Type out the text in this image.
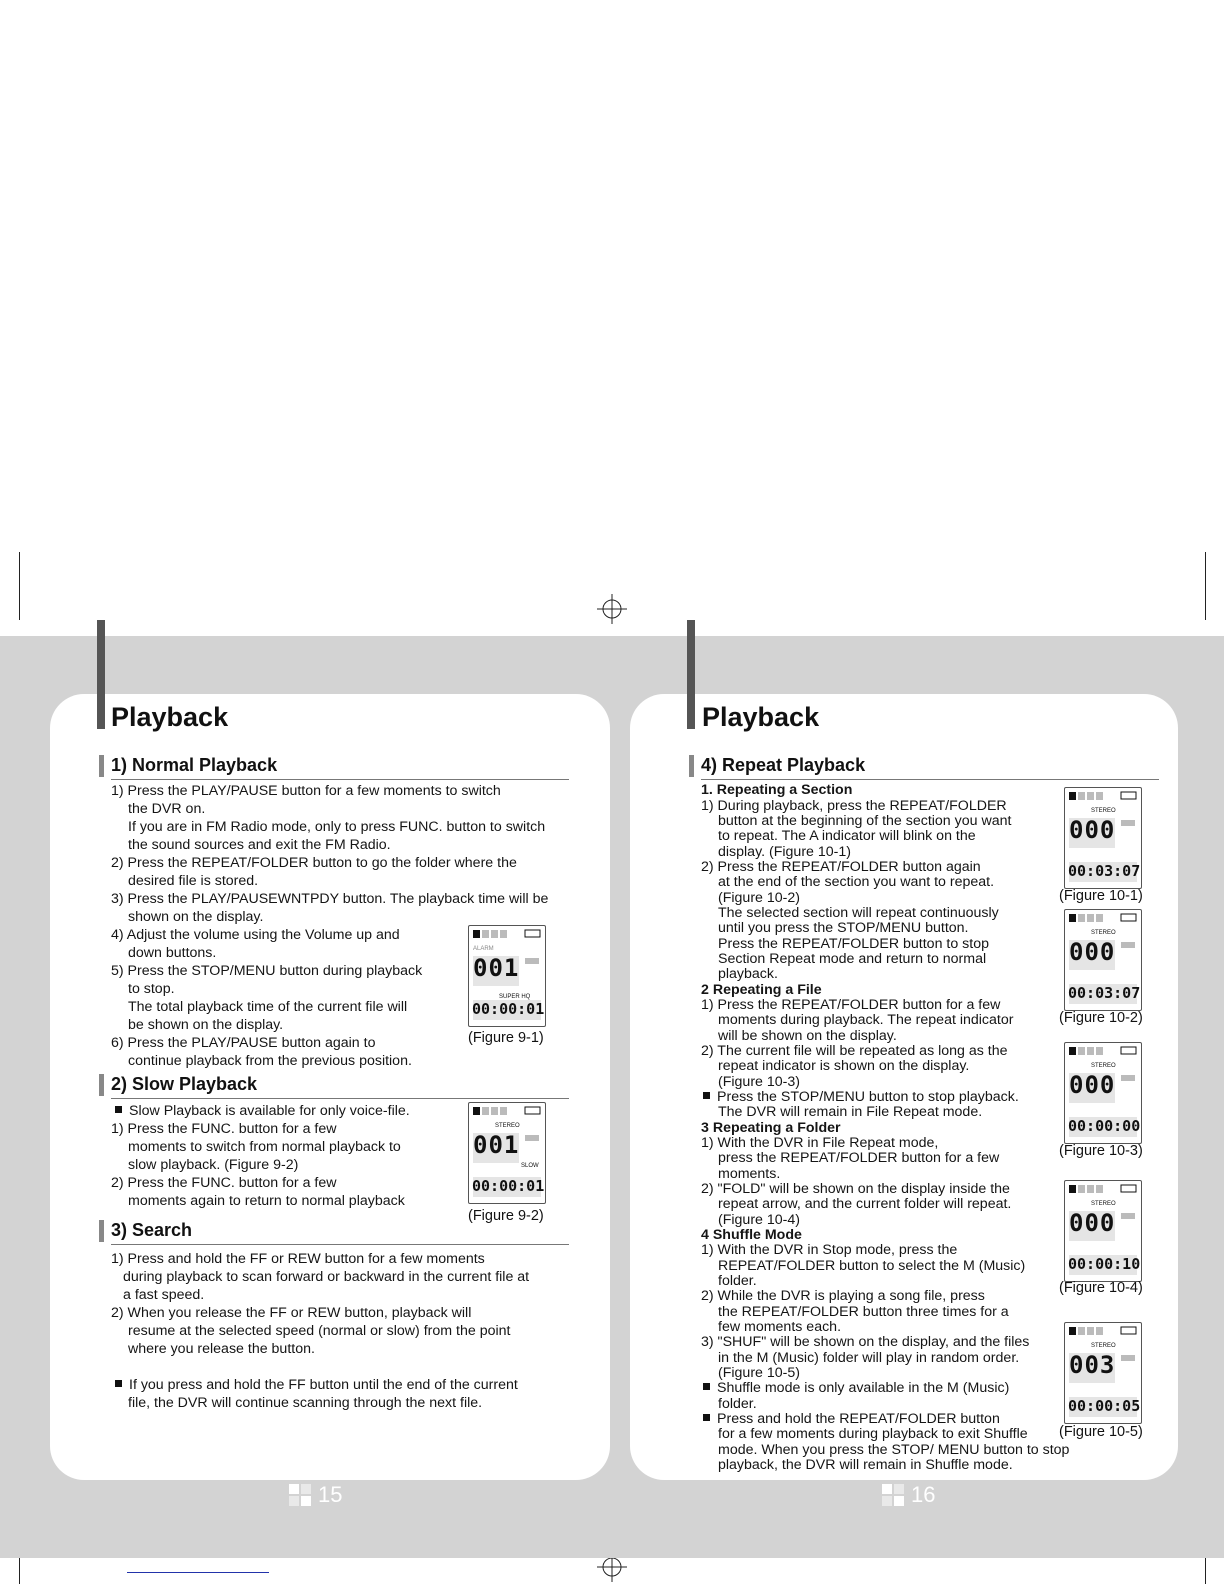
Playback
1) Normal Playback
1) Press the PLAY/PAUSE button for a few moments to switch
the DVR on.
If you are in FM Radio mode, only to press FUNC. button to switch
the sound sources and exit the FM Radio.
2) Press the REPEAT/FOLDER button to go the folder where the
desired file is stored.
3) Press the PLAY/PAUSEWNTPDY button. The playback time will be
shown on the display.
4) Adjust the volume using the Volume up and
down buttons.
5) Press the STOP/MENU button during playback
to stop.
The total playback time of the current file will
be shown on the display.
6) Press the PLAY/PAUSE button again to
continue playback from the previous position.
ALARM
SUPER HQ
001
00:00:01
(Figure 9-1)
2) Slow Playback
Slow Playback is available for only voice-file.
1) Press the FUNC. button for a few
moments to switch from normal playback to
slow playback. (Figure 9-2)
2) Press the FUNC. button for a few
moments again to return to normal playback
STEREO
SLOW
001
00:00:01
(Figure 9-2)
3) Search
1) Press and hold the FF or REW button for a few moments
during playback to scan forward or backward in the current file at
a fast speed.
2) When you release the FF or REW button, playback will
resume at the selected speed (normal or slow) from the point
where you release the button.
If you press and hold the FF button until the end of the current
file, the DVR will continue scanning through the next file.
15
Playback
4) Repeat Playback
1. Repeating a Section
1) During playback, press the REPEAT/FOLDER
button at the beginning of the section you want
to repeat. The A indicator will blink on the
display. (Figure 10-1)
2) Press the REPEAT/FOLDER button again
at the end of the section you want to repeat.
(Figure 10-2)
The selected section will repeat continuously
until you press the STOP/MENU button.
Press the REPEAT/FOLDER button to stop
Section Repeat mode and return to normal
playback.
2 Repeating a File
1) Press the REPEAT/FOLDER button for a few
moments during playback. The repeat indicator
will be shown on the display.
2) The current file will be repeated as long as the
repeat indicator is shown on the display.
(Figure 10-3)
Press the STOP/MENU button to stop playback.
The DVR will remain in File Repeat mode.
3 Repeating a Folder
1) With the DVR in File Repeat mode,
press the REPEAT/FOLDER button for a few
moments.
2) "FOLD" will be shown on the display inside the
repeat arrow, and the current folder will repeat.
(Figure 10-4)
4 Shuffle Mode
1) With the DVR in Stop mode, press the
REPEAT/FOLDER button to select the M (Music)
folder.
2) While the DVR is playing a song file, press
the REPEAT/FOLDER button three times for a
few moments each.
3) "SHUF" will be shown on the display, and the files
in the M (Music) folder will play in random order.
(Figure 10-5)
Shuffle mode is only available in the M (Music)
folder.
Press and hold the REPEAT/FOLDER button
for a few moments during playback to exit Shuffle
mode. When you press the STOP/ MENU button to stop
playback, the DVR will remain in Shuffle mode.
STEREO
000
00:03:07
(Figure 10-1)
STEREO
000
00:03:07
(Figure 10-2)
STEREO
000
00:00:00
(Figure 10-3)
STEREO
000
00:00:10
(Figure 10-4)
STEREO
003
00:00:05
(Figure 10-5)
16
